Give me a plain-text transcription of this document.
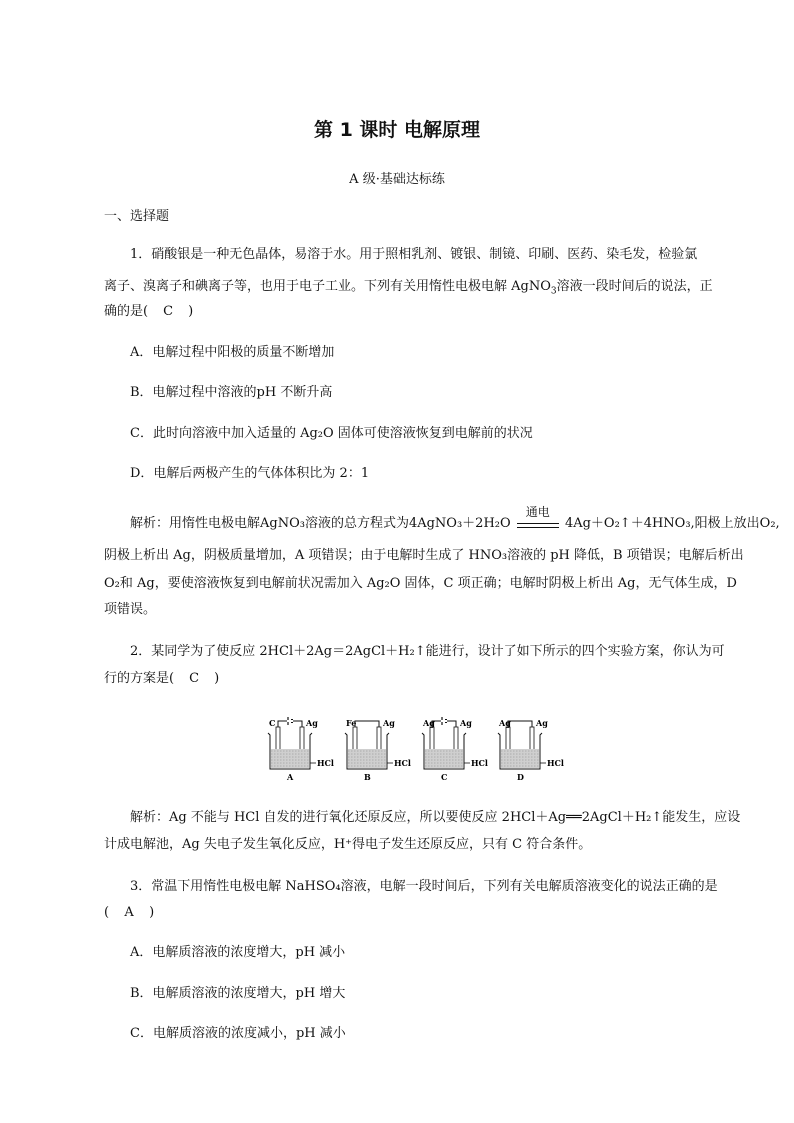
第 1 课时 电解原理
A 级·基础达标练
一、选择题
1．硝酸银是一种无色晶体，易溶于水。用于照相乳剂、镀银、制镜、印刷、医药、染毛发，检验氯
离子、溴离子和碘离子等，也用于电子工业。下列有关用惰性电极电解 AgNO$_3$溶液一段时间后的说法，正
确的是( C )
A．电解过程中阳极的质量不断增加
B．电解过程中溶液的pH 不断升高
C．此时向溶液中加入适量的 Ag₂O 固体可使溶液恢复到电解前的状况
D．电解后两极产生的气体体积比为 2：1
解析：用惰性电极电解AgNO₃溶液的总方程式为4AgNO₃＋2H₂O
通电
4Ag＋O₂↑＋4HNO₃,阳极上放出O₂,
阴极上析出 Ag，阴极质量增加，A 项错误；由于电解时生成了 HNO₃溶液的 pH 降低，B 项错误；电解后析出
O₂和 Ag，要使溶液恢复到电解前状况需加入 Ag₂O 固体，C 项正确；电解时阴极上析出 Ag，无气体生成，D
项错误。
2．某同学为了使反应 2HCl＋2Ag＝2AgCl＋H₂↑能进行，设计了如下所示的四个实验方案，你认为可
行的方案是( C )
C	Ag
HCl
A
Fe	Ag
HCl
B
Ag	Ag
HCl
C
Ag	Ag
HCl
D
解析：Ag 不能与 HCl 自发的进行氧化还原反应，所以要使反应 2HCl＋Ag══2AgCl＋H₂↑能发生，应设
计成电解池，Ag 失电子发生氧化反应，H⁺得电子发生还原反应，只有 C 符合条件。
3．常温下用惰性电极电解 NaHSO₄溶液，电解一段时间后，下列有关电解质溶液变化的说法正确的是
( A )
A．电解质溶液的浓度增大，pH 减小
B．电解质溶液的浓度增大，pH 增大
C．电解质溶液的浓度减小，pH 减小
